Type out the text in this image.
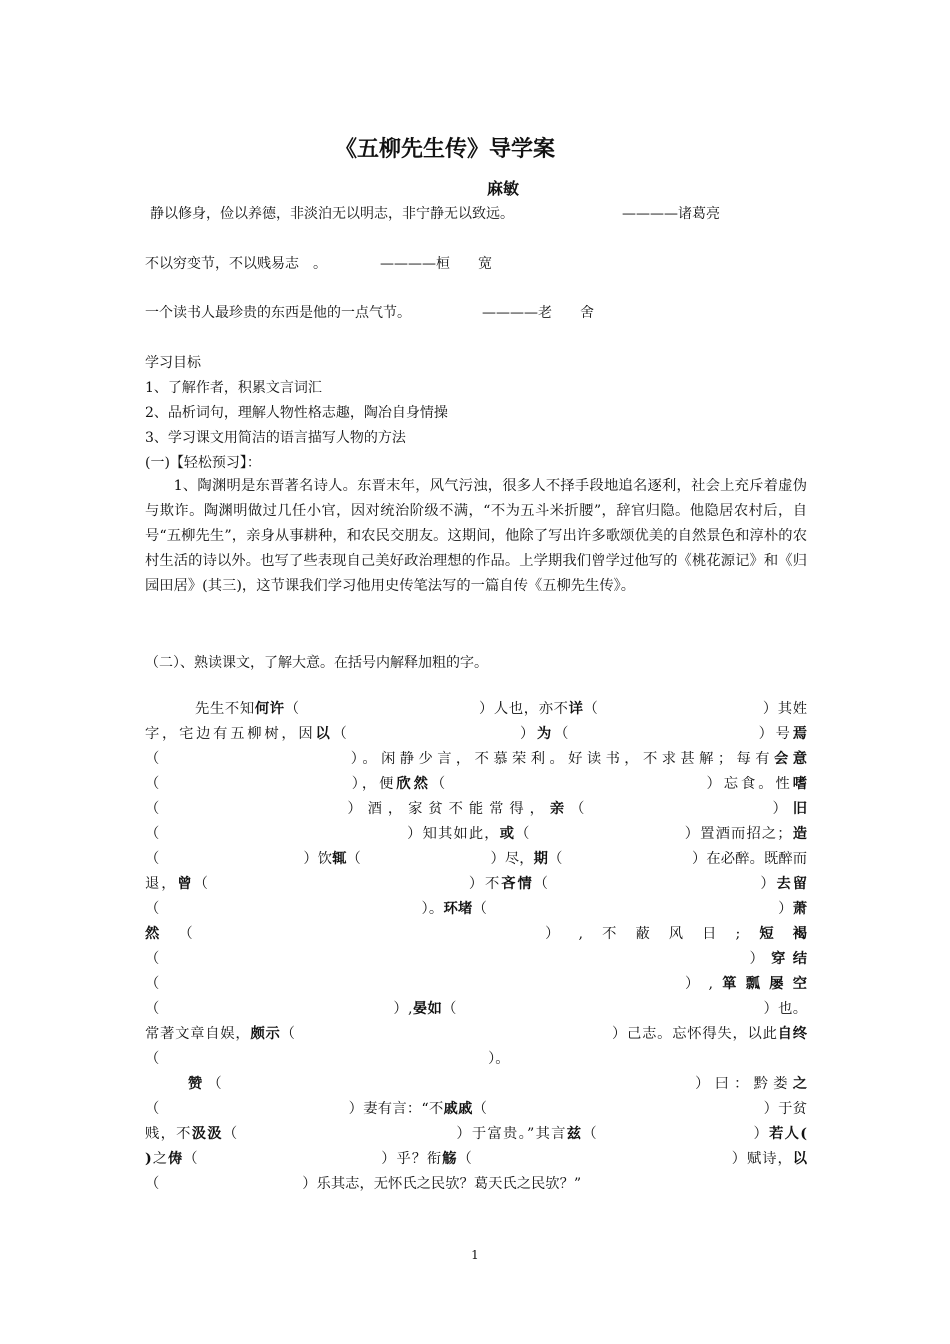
《五柳先生传》导学案
麻敏
静以修身，俭以养德，非淡泊无以明志，非宁静无以致远。	————诸葛亮
不以穷变节，不以贱易志　。	————桓　　宽
一个读书人最珍贵的东西是他的一点气节。	————老　　舍
学习目标
1、了解作者，积累文言词汇
2、品析词句，理解人物性格志趣，陶冶自身情操
3、学习课文用简洁的语言描写人物的方法
(一)【轻松预习】：
1、陶渊明是东晋著名诗人。东晋末年，风气污浊，很多人不择手段地追名逐利，社会上充斥着虚伪与欺诈。陶渊明做过几任小官，因对统治阶级不满，“不为五斗米折腰”，辞官归隐。他隐居农村后，自号“五柳先生”，亲身从事耕种，和农民交朋友。这期间，他除了写出许多歌颂优美的自然景色和淳朴的农村生活的诗以外。也写了些表现自己美好政治理想的作品。上学期我们曾学过他写的《桃花源记》和《归园田居》(其三)，这节课我们学习他用史传笔法写的一篇自传《五柳先生传》。
（二）、熟读课文，了解大意。在括号内解释加粗的字。
先生不知何许（　　　　　　　　　　　　）人也，亦不详（　　　　　　　　　　　）其姓字，宅边有五柳树，因以（　　　　　　　　　　）为（　　　　　　　　　　　）号焉（　　　　　　　　　　）。闲静少言，不慕荣利。好读书，不求甚解；每有会意（　　　　　　　　　　　），便欣然（　　　　　　　　　　　　　　　）忘食。性嗜（　　　　　　　　　）酒，家贫不能常得，亲（　　　　　　　　　）旧（　　　　　　　　　　　　　　　　）知其如此，或（　　　　　　　　　　）置酒而招之；造（　　　　　　　　　　）饮辄（　　　　　　　　　）尽，期（　　　　　　　　　）在必醉。既醉而退，曾（　　　　　　　　　　　　　　　　）不吝情（　　　　　　　　　　　　　）去留（　　　　　　　　　　　　　　　　　　）。环堵（　　　　　　　　　　　　　　　　　　　　）萧然（　　　　　　　　　　）,不蔽风日;短褐（　　　　　　　　　　　　　　　　　　　　　　　　　　　）穿结（　　　　　　　　　　　　　　　　　　　　　　）,箪瓢屡空（　　　　　　　　　　　　　　　　）,晏如（　　　　　　　　　　　　　　　　　　　　　）也。常著文章自娱，颇示（　　　　　　　　　　　　　　　　　　　　　）己志。忘怀得失，以此自终（　　　　　　　　　　　　　　　　　　　　　　　）。
赞（　　　　　　　　　　　　　　　　　　　　　　　　）曰：黔娄之（　　　　　　　　　　　　　）妻有言：“不戚戚（　　　　　　　　　　　　　　　　　　　）于贫贱，不汲汲（　　　　　　　　　　　　　　）于富贵。”其言兹（　　　　　　　　　　）若人(　　　　　　　　　　　　　　　　　　)之俦（　　　　　　　　　　　　）乎？衔觞（　　　　　　　　　　　　　　　　　）赋诗，以（　　　　　　　　　　）乐其志，无怀氏之民欤？葛天氏之民欤？”
1
